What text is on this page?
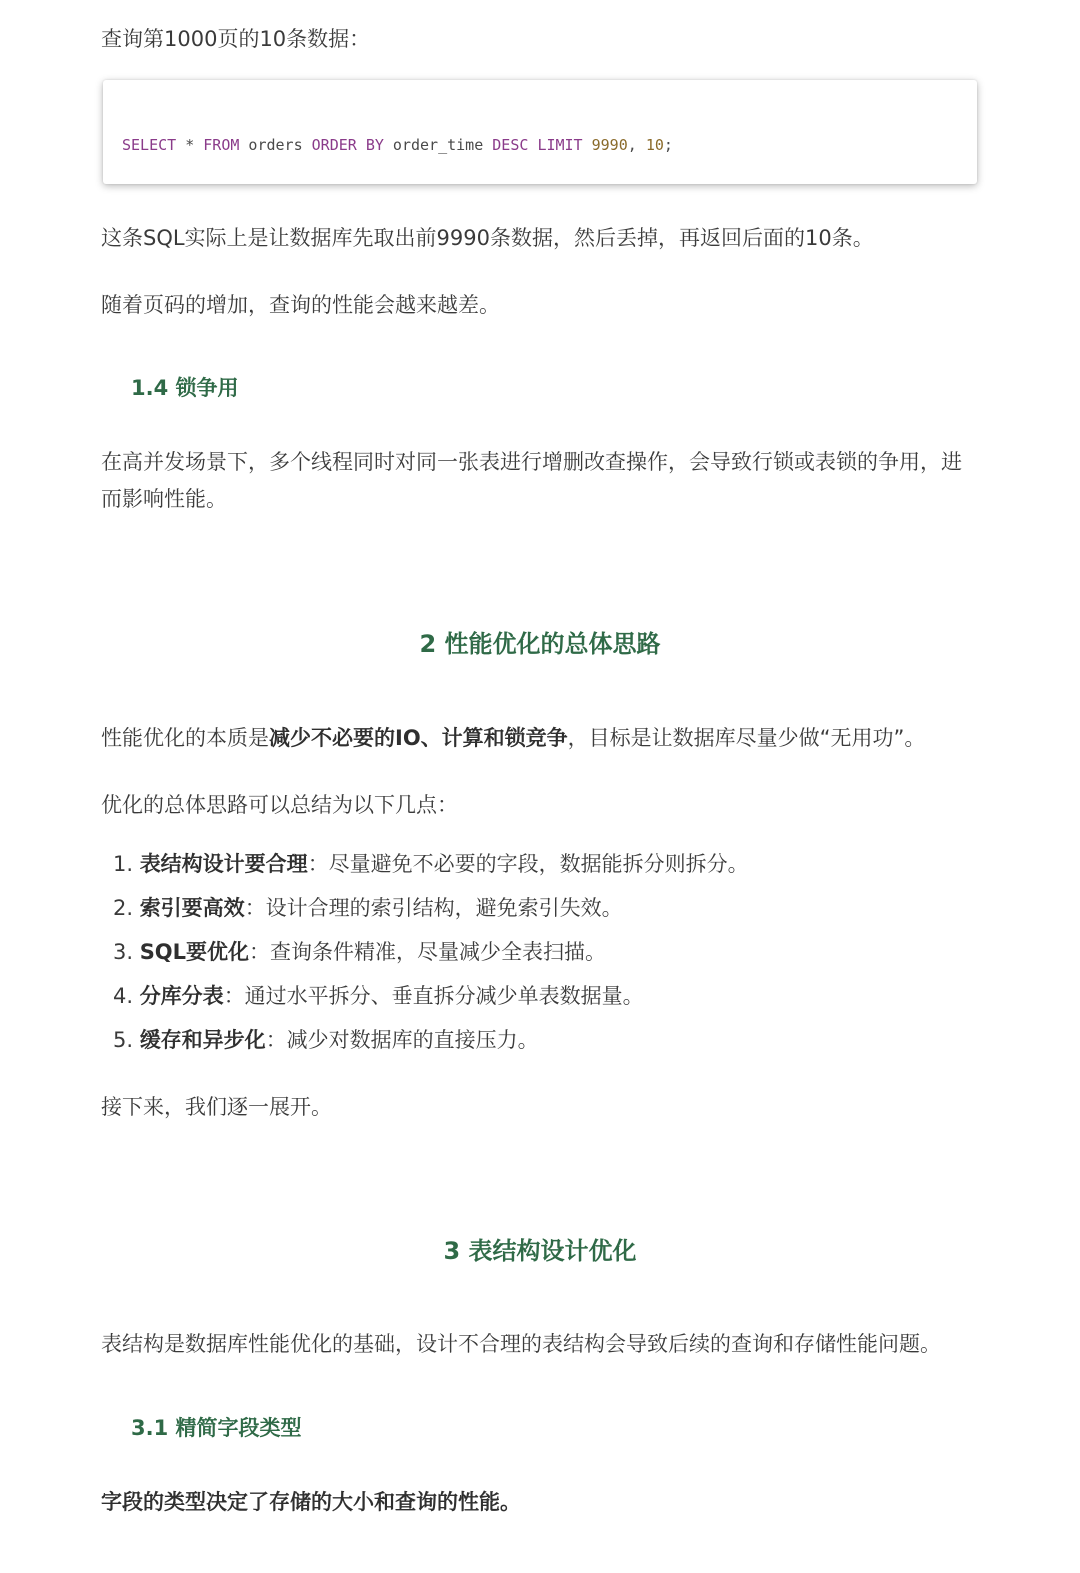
查询第1000页的10条数据：

SELECT * FROM orders ORDER BY order_time DESC LIMIT 9990, 10;

这条SQL实际上是让数据库先取出前9990条数据，然后丢掉，再返回后面的10条。

随着页码的增加，查询的性能会越来越差。

1.4 锁争用

在高并发场景下，多个线程同时对同一张表进行增删改查操作，会导致行锁或表锁的争用，进而影响性能。

2 性能优化的总体思路

性能优化的本质是减少不必要的IO、计算和锁竞争，目标是让数据库尽量少做“无用功”。

优化的总体思路可以总结为以下几点：

1. 表结构设计要合理：尽量避免不必要的字段，数据能拆分则拆分。
2. 索引要高效：设计合理的索引结构，避免索引失效。
3. SQL要优化：查询条件精准，尽量减少全表扫描。
4. 分库分表：通过水平拆分、垂直拆分减少单表数据量。
5. 缓存和异步化：减少对数据库的直接压力。

接下来，我们逐一展开。

3 表结构设计优化

表结构是数据库性能优化的基础，设计不合理的表结构会导致后续的查询和存储性能问题。

3.1 精简字段类型

字段的类型决定了存储的大小和查询的性能。
